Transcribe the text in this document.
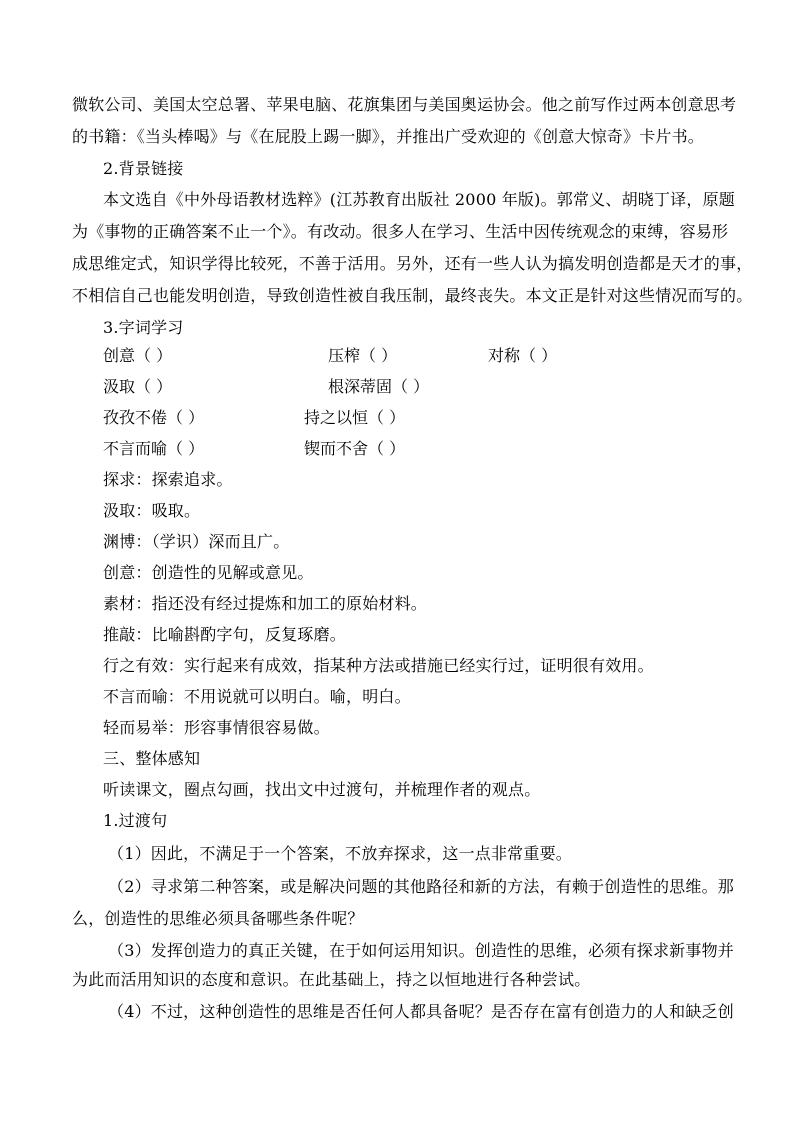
微软公司、美国太空总署、苹果电脑、花旗集团与美国奥运协会。他之前写作过两本创意思考
的书籍：《当头棒喝》与《在屁股上踢一脚》，并推出广受欢迎的《创意大惊奇》卡片书。
2.背景链接
本文选自《中外母语教材选粹》(江苏教育出版社 2000 年版)。郭常义、胡晓丁译，原题
为《事物的正确答案不止一个》。有改动。很多人在学习、生活中因传统观念的束缚，容易形
成思维定式，知识学得比较死，不善于活用。另外，还有一些人认为搞发明创造都是天才的事，
不相信自己也能发明创造，导致创造性被自我压制，最终丧失。本文正是针对这些情况而写的。
3.字词学习
创意（ ）	压榨（ ）	对称（ ）
汲取（ ）	根深蒂固（ ）
孜孜不倦（ ）	持之以恒（ ）
不言而喻（ ）	锲而不舍（ ）
探求：探索追求。
汲取：吸取。
渊博：（学识）深而且广。
创意：创造性的见解或意见。
素材：指还没有经过提炼和加工的原始材料。
推敲：比喻斟酌字句，反复琢磨。
行之有效：实行起来有成效，指某种方法或措施已经实行过，证明很有效用。
不言而喻：不用说就可以明白。喻，明白。
轻而易举：形容事情很容易做。
三、整体感知
听读课文，圈点勾画，找出文中过渡句，并梳理作者的观点。
1.过渡句
（1）因此，不满足于一个答案，不放弃探求，这一点非常重要。
（2）寻求第二种答案，或是解决问题的其他路径和新的方法，有赖于创造性的思维。那
么，创造性的思维必须具备哪些条件呢？
（3）发挥创造力的真正关键，在于如何运用知识。创造性的思维，必须有探求新事物并
为此而活用知识的态度和意识。在此基础上，持之以恒地进行各种尝试。
（4）不过，这种创造性的思维是否任何人都具备呢？是否存在富有创造力的人和缺乏创
